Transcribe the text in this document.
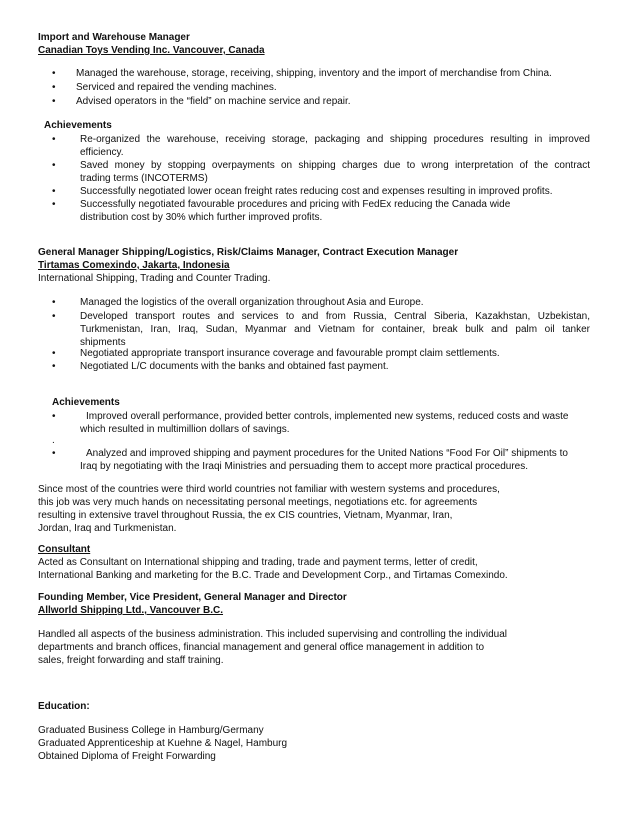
Import and Warehouse Manager
Canadian Toys Vending Inc. Vancouver, Canada
• Managed the warehouse, storage, receiving, shipping, inventory and the import of merchandise from China.
• Serviced and repaired the vending machines.
• Advised operators in the “field” on machine service and repair.
Achievements
• Re-organized the warehouse, receiving storage, packaging and shipping procedures resulting in improved
efficiency.
• Saved money by stopping overpayments on shipping charges due to wrong interpretation of the contract
trading terms (INCOTERMS)
• Successfully negotiated lower ocean freight rates reducing cost and expenses resulting in improved profits.
• Successfully negotiated favourable procedures and pricing with FedEx reducing the Canada wide
distribution cost by 30% which further improved profits.
General Manager Shipping/Logistics, Risk/Claims Manager, Contract Execution Manager
Tirtamas Comexindo, Jakarta, Indonesia
International Shipping, Trading and Counter Trading.
• Managed the logistics of the overall organization throughout Asia and Europe.
• Developed transport routes and services to and from Russia, Central Siberia, Kazakhstan, Uzbekistan,
Turkmenistan, Iran, Iraq, Sudan, Myanmar and Vietnam for container, break bulk and palm oil tanker
shipments
• Negotiated appropriate transport insurance coverage and favourable prompt claim settlements.
• Negotiated L/C documents with the banks and obtained fast payment.
Achievements
•	Improved overall performance, provided better controls, implemented new systems, reduced costs and waste
which resulted in multimillion dollars of savings.
.
•	Analyzed and improved shipping and payment procedures for the United Nations “Food For Oil” shipments to
Iraq by negotiating with the Iraqi Ministries and persuading them to accept more practical procedures.
Since most of the countries were third world countries not familiar with western systems and procedures,
this job was very much hands on necessitating personal meetings, negotiations etc. for agreements
resulting in extensive travel throughout Russia, the ex CIS countries, Vietnam, Myanmar, Iran,
Jordan, Iraq and Turkmenistan.
Consultant
Acted as Consultant on International shipping and trading, trade and payment terms, letter of credit,
International Banking and marketing for the B.C. Trade and Development Corp., and Tirtamas Comexindo.
Founding Member, Vice President, General Manager and Director
Allworld Shipping Ltd., Vancouver B.C.
Handled all aspects of the business administration. This included supervising and controlling the individual
departments and branch offices, financial management and general office management in addition to
sales, freight forwarding and staff training.
Education:
Graduated Business College in Hamburg/Germany
Graduated Apprenticeship at Kuehne & Nagel, Hamburg
Obtained Diploma of Freight Forwarding
